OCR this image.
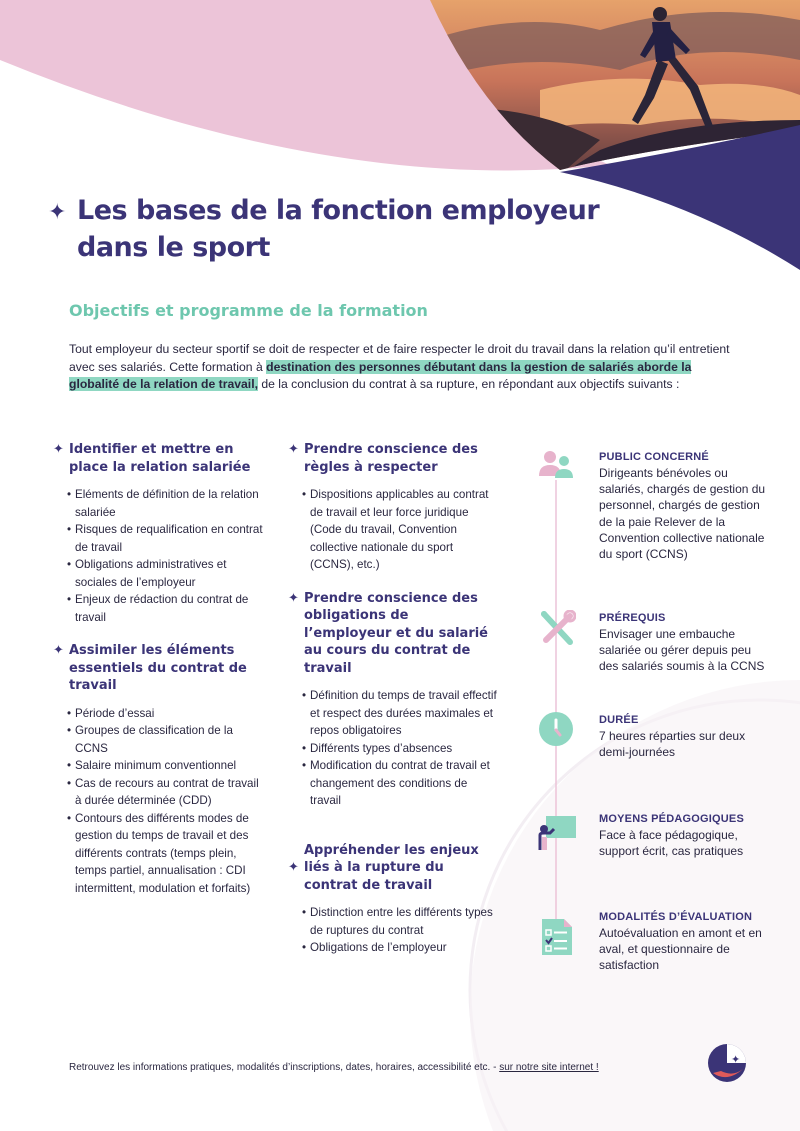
✦ Les bases de la fonction employeur
dans le sport
Objectifs et programme de la formation
Tout employeur du secteur sportif se doit de respecter et de faire respecter le droit du travail dans la relation qu’il entretient avec ses salariés. Cette formation à destination des personnes débutant dans la gestion de salariés aborde la globalité de la relation de travail, de la conclusion du contrat à sa rupture, en répondant aux objectifs suivants :
✦ Identifier et mettre en place la relation salariée
• Eléments de définition de la relation salariée
• Risques de requalification en contrat de travail
• Obligations administratives et sociales de l’employeur
• Enjeux de rédaction du contrat de travail
✦ Assimiler les éléments essentiels du contrat de travail
• Période d’essai
• Groupes de classification de la CCNS
• Salaire minimum conventionnel
• Cas de recours au contrat de travail à durée déterminée (CDD)
• Contours des différents modes de gestion du temps de travail et des différents contrats (temps plein, temps partiel, annualisation : CDI intermittent, modulation et forfaits)
✦ Prendre conscience des règles à respecter
• Dispositions applicables au contrat de travail et leur force juridique (Code du travail, Convention collective nationale du sport (CCNS), etc.)
✦ Prendre conscience des obligations de l’employeur et du salarié au cours du contrat de travail
• Définition du temps de travail effectif et respect des durées maximales et repos obligatoires
• Différents types d’absences
• Modification du contrat de travail et changement des conditions de travail
✦
Appréhender les enjeux liés à la rupture du contrat de travail
• Distinction entre les différents types de ruptures du contrat
• Obligations de l’employeur
PUBLIC CONCERNÉ
Dirigeants bénévoles ou salariés, chargés de gestion du personnel, chargés de gestion de la paie Relever de la Convention collective nationale du sport (CCNS)
PRÉREQUIS
Envisager une embauche salariée ou gérer depuis peu des salariés soumis à la CCNS
DURÉE
7 heures réparties sur deux demi-journées
MOYENS PÉDAGOGIQUES
Face à face pédagogique, support écrit, cas pratiques
MODALITÉS D’ÉVALUATION
Autoévaluation en amont et en aval, et questionnaire de satisfaction
Retrouvez les informations pratiques, modalités d’inscriptions, dates, horaires, accessibilité etc. - sur notre site internet !
✦
